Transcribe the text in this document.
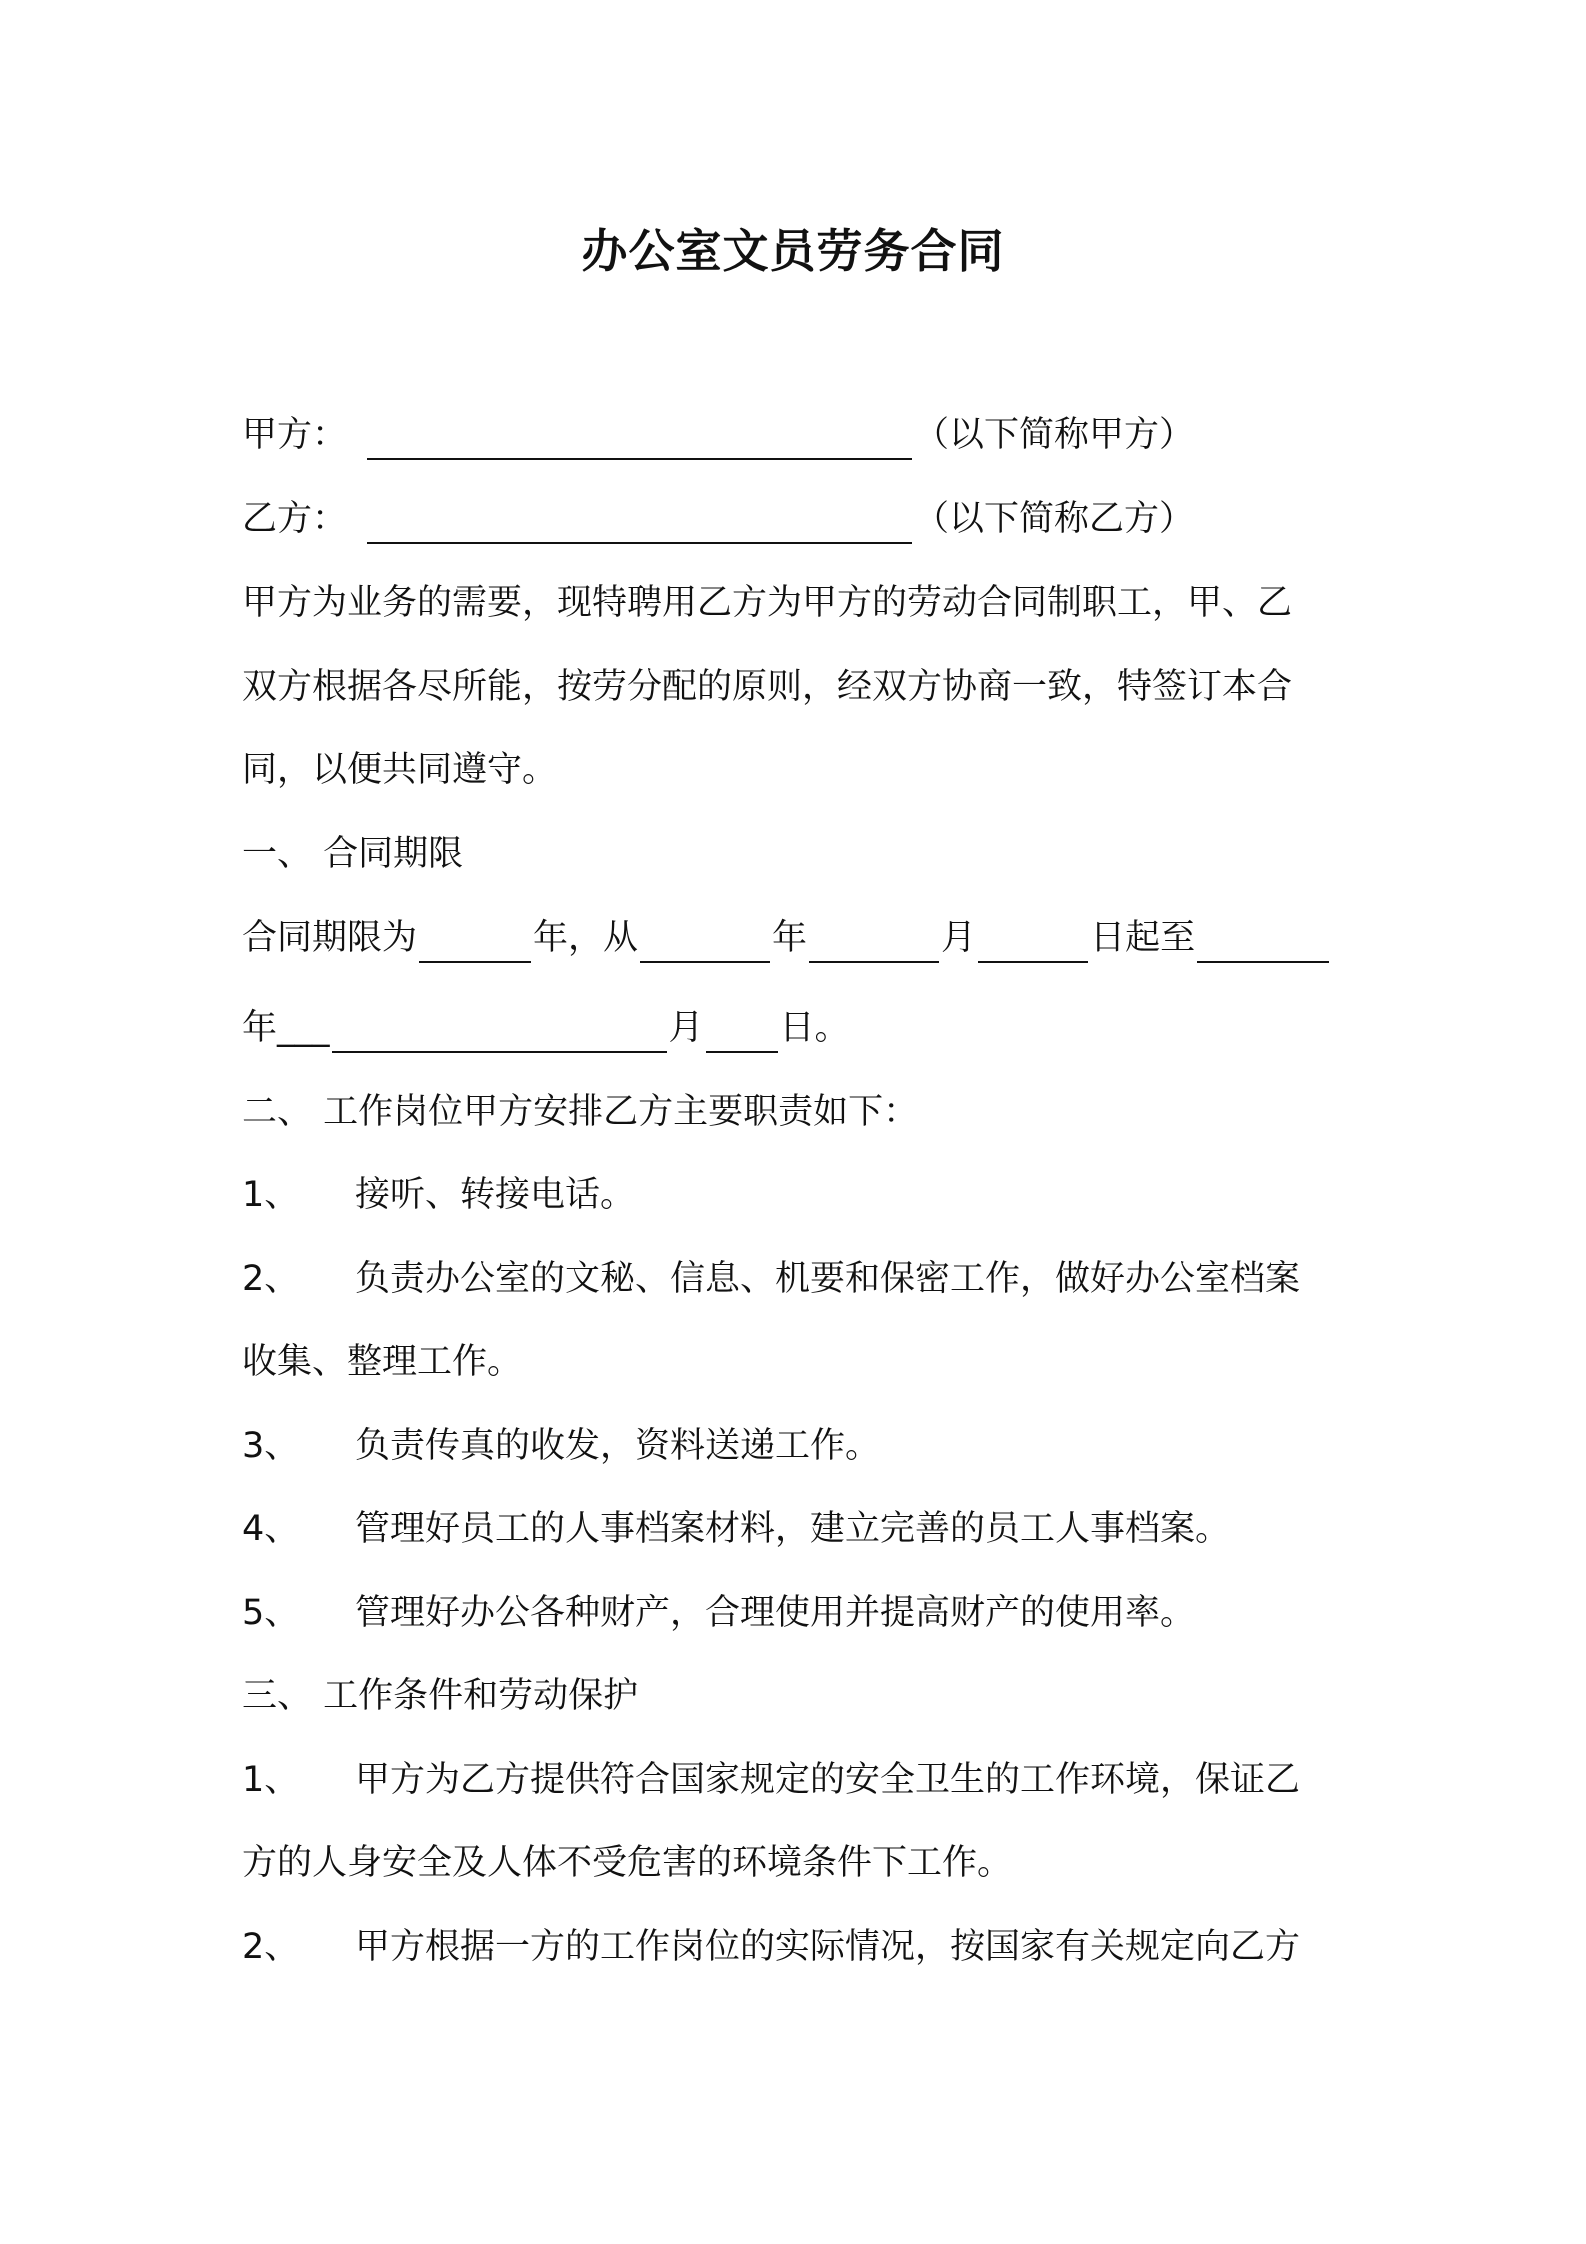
办公室文员劳务合同
甲方：	（以下简称甲方）
乙方：	（以下简称乙方）
甲方为业务的需要，现特聘用乙方为甲方的劳动合同制职工，甲、乙
双方根据各尽所能，按劳分配的原则，经双方协商一致，特签订本合
同，以便共同遵守。
一、 合同期限
合同期限为	年，从	年	月	日起至
年___	月 日。
二、 工作岗位甲方安排乙方主要职责如下：
1、 接听、转接电话。
2、 负责办公室的文秘、信息、机要和保密工作，做好办公室档案
收集、整理工作。
3、 负责传真的收发，资料送递工作。
4、 管理好员工的人事档案材料，建立完善的员工人事档案。
5、 管理好办公各种财产，合理使用并提高财产的使用率。
三、 工作条件和劳动保护
1、 甲方为乙方提供符合国家规定的安全卫生的工作环境，保证乙
方的人身安全及人体不受危害的环境条件下工作。
2、 甲方根据一方的工作岗位的实际情况，按国家有关规定向乙方
